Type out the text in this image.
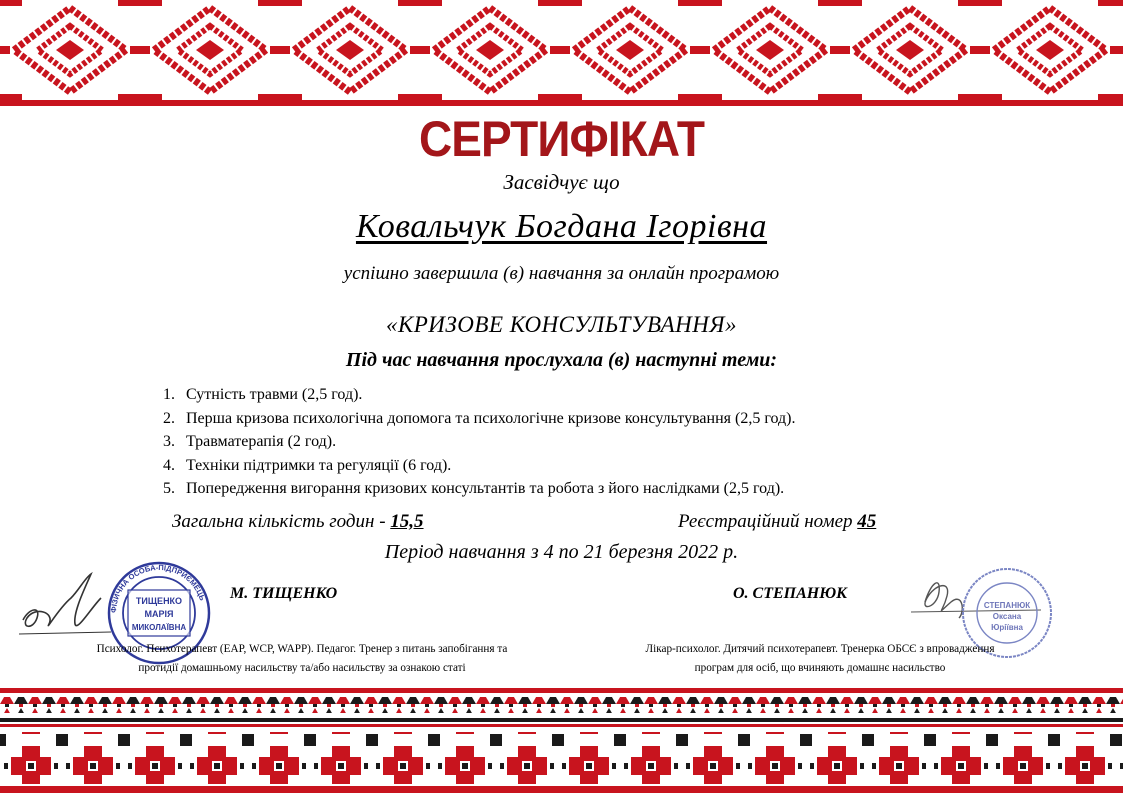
СЕРТИФІКАТ
Засвідчує що
Ковальчук Богдана Ігорівна
успішно завершила (в) навчання за онлайн програмою
«КРИЗОВЕ КОНСУЛЬТУВАННЯ»
Під час навчання прослухала (в) наступні теми:
1. Сутність травми (2,5 год).
2. Перша кризова психологічна допомога та психологічне кризове консультування (2,5 год).
3. Травматерапія (2 год).
4. Техніки підтримки та регуляції (6 год).
5. Попередження вигорання кризових консультантів та робота з його наслідками (2,5 год).
Загальна кількість годин - 15,5	Реєстраційний номер 45
Період навчання з 4 по 21 березня 2022 р.
ТИЩЕНКО
МАРІЯ
МИКОЛАЇВНА
ФІЗИЧНА ОСОБА-ПІДПРИЄМЕЦЬ М. ТИЩЕНКО
Психолог. Психотерапевт (EAP, WCP, WAPP). Педагог. Тренер з питань запобігання та
протидії домашньому насильству та/або насильству за ознакою статі
СТЕПАНЮК
Оксана
Юріївна
О. СТЕПАНЮК
Лікар-психолог. Дитячий психотерапевт. Тренерка ОБСЄ з впровадження
програм для осіб, що вчиняють домашнє насильство
